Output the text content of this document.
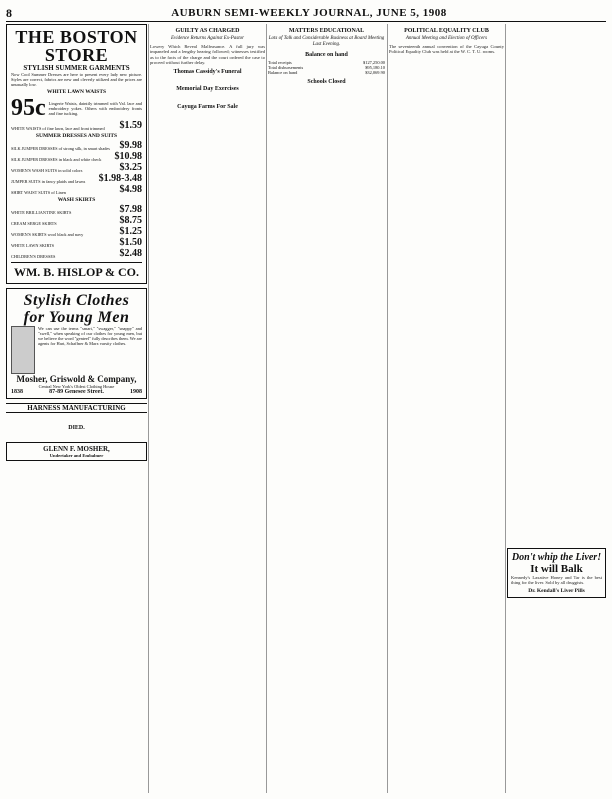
8	AUBURN SEMI-WEEKLY JOURNAL, JUNE 5, 1908
THE BOSTON STORE
STYLISH SUMMER GARMENTS
Now Cool Summer Dresses are here to present every lady new picture. Styles are correct, fabrics are new and cleverly utilized and the prices are unusually low.
WHITE LAWN WAISTS
95c Lingerie Waists, daintily trimmed with Val. lace and embroidery yokes. Others with embroidery fronts and fine tucking.
WHITE WAISTS of fine lawn, lace and front trimmed	$1.59
SUMMER DRESSES AND SUITS
SILK JUMPER DRESSES of strong silk, in smart shades $9.98
SILK JUMPER DRESSES in black and white check	$10.98
WOMEN'S WASH SUITS in solid colors	$3.25
JUMPER SUITS in fancy plaids and lawns	$1.98-3.48
SHIRT WAIST SUITS of Linen	$4.98
WASH SKIRTS
WHITE BRILLIANTINE SKIRTS	$7.98
CREAM SERGE SKIRTS	$8.75
WOMEN'S SKIRTS wool black and navy	$1.25
WHITE LAWN SKIRTS	$1.50
CHILDREN'S DRESSES	$2.48
WM. B. HISLOP & CO.
Stylish Clothes for Young Men
We can use the terms "smart," "swagger," "snappy" and "swell," when speaking of our clothes for young men, but we believe the word "genteel" fully describes them. We are agents for Hart, Schaffner & Marx varsity clothes.
Mosher, Griswold & Company,
Central New York's Oldest Clothing House
1838	87-89 Genesee Street.	1908
HARNESS MANUFACTURING

DIED.

GLENN F. MOSHER,
Undertaker and Embalmer
GUILTY AS CHARGED
Evidence Returns Against Ex-Pastor

Lowery Which Reveal Malfeasance. A full jury was impaneled and a lengthy hearing followed; witnesses testified as to the facts of the charge and the court ordered the case to proceed without further delay.

Thomas Cassidy's Funeral

Memorial Day Exercises

Cayuga Farms For Sale
MATTERS EDUCATIONAL
Lots of Talk and Considerable Business at Board Meeting Last Evening.
Balance on hand
Total receipts	$127,250.00
Total disbursements	$95,180.10
Balance on hand	$32,069.90
Schools Closed
POLITICAL EQUALITY CLUB
Annual Meeting and Election of Officers

The seventeenth annual convention of the Cayuga County Political Equality Club was held at the W. C. T. U. rooms.

Don't whip the Liver!
It will Balk
Kennedy's Laxative Honey and Tar is the best thing for the liver. Sold by all druggists.
Dr. Kendall's Liver Pills
